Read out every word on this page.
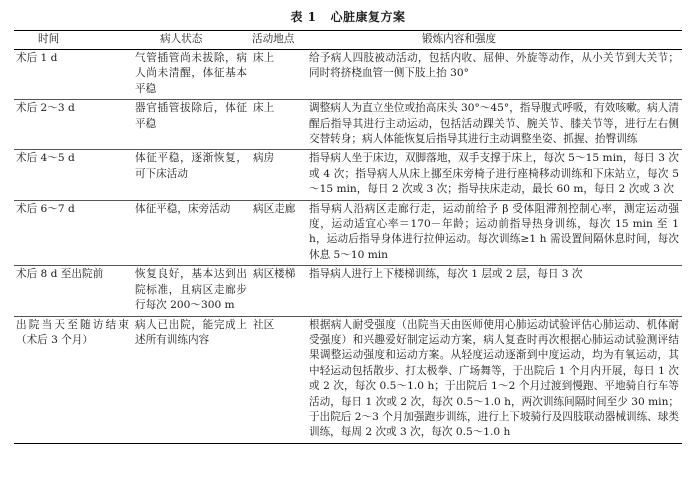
表 1 心脏康复方案
时间	病人状态	活动地点	锻炼内容和强度
术后 1 d	气管插管尚未拔除，病人尚未清醒，体征基本平稳	床上	给予病人四肢被动活动，包括内收、屈伸、外旋等动作，从小关节到大关节；同时将挤桡血管一侧下肢上抬 30°
术后 2～3 d	器官插管拔除后，体征平稳	床上	调整病人为直立坐位或抬高床头 30°～45°，指导腹式呼吸，有效咳嗽。病人清醒后指导其进行主动运动，包括活动踝关节、腕关节、膝关节等，进行左右侧交替转身；病人体能恢复后指导其进行主动调整坐姿、抓握、抬臀训练
术后 4～5 d	体征平稳，逐渐恢复，可下床活动	病房	指导病人坐于床边，双脚落地，双手支撑于床上，每次 5～15 min，每日 3 次或 4 次；指导病人从床上挪至床旁椅子进行座椅移动训练和下床站立，每次 5～15 min，每日 2 次或 3 次；指导扶床走动，最长 60 m，每日 2 次或 3 次
术后 6～7 d	体征平稳，床旁活动	病区走廊	指导病人沿病区走廊行走，运动前给予 β 受体阻滞剂控制心率，测定运动强度，运动适宜心率＝170－年龄；运动前指导热身训练，每次 15 min 至 1 h，运动后指导身体进行拉伸运动。每次训练≥1 h 需设置间隔休息时间，每次休息 5～10 min
术后 8 d 至出院前	恢复良好，基本达到出院标准，且病区走廊步行每次 200～300 m	病区楼梯	指导病人进行上下楼梯训练，每次 1 层或 2 层，每日 3 次
出院当天至随访结束（术后 3 个月）	病人已出院，能完成上述所有训练内容	社区	根据病人耐受强度（出院当天由医师使用心肺运动试验评估心肺运动、机体耐受强度）和兴趣爱好制定运动方案，病人复查时再次根据心肺运动试验测评结果调整运动强度和运动方案。从轻度运动逐渐到中度运动，均为有氧运动，其中轻运动包括散步、打太极拳、广场舞等，于出院后 1 个月内开展，每日 1 次或 2 次，每次 0.5～1.0 h；于出院后 1～2 个月过渡到慢跑、平地骑自行车等活动，每日 1 次或 2 次，每次 0.5～1.0 h，两次训练间隔时间至少 30 min；于出院后 2～3 个月加强跑步训练，进行上下坡骑行及四肢联动器械训练、球类训练，每周 2 次或 3 次，每次 0.5～1.0 h
